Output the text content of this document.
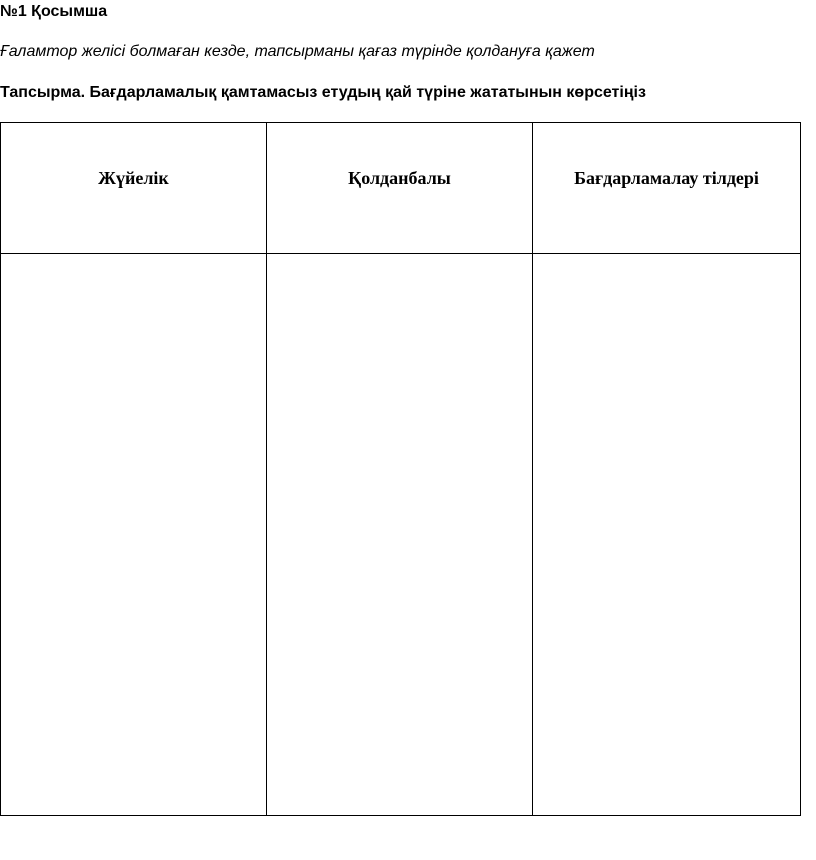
№1 Қосымша
Ғаламтор желісі болмаған кезде, тапсырманы қағаз түрінде қолдануға қажет
Тапсырма. Бағдарламалық қамтамасыз етудың қай түріне жататынын көрсетіңіз
Жүйелік	Қолданбалы	Бағдарламалау тілдері
